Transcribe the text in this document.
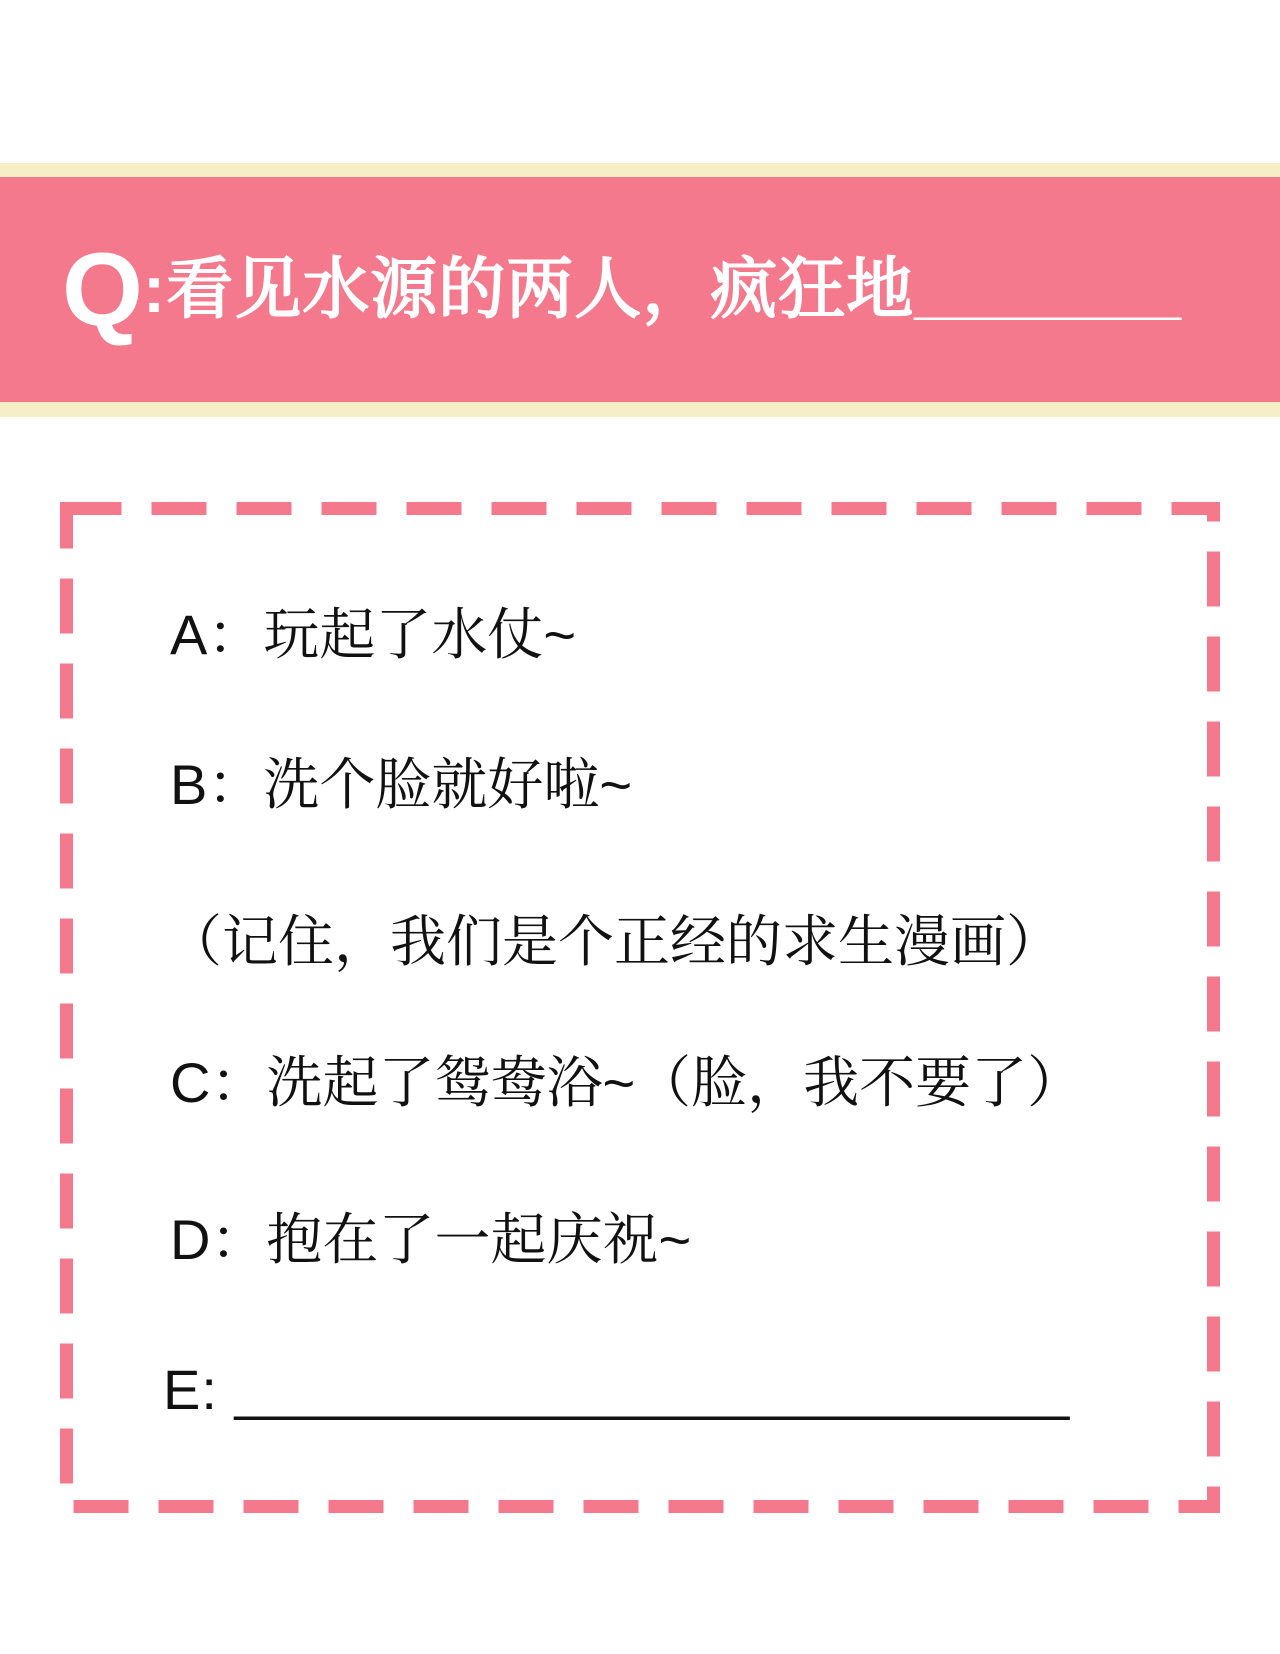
Q :看见水源的两人，疯狂地_______
A：玩起了水仗~
B：洗个脸就好啦~
（记住，我们是个正经的求生漫画）
C：洗起了鸳鸯浴~（脸，我不要了）
D：抱在了一起庆祝~
E: __________________________
